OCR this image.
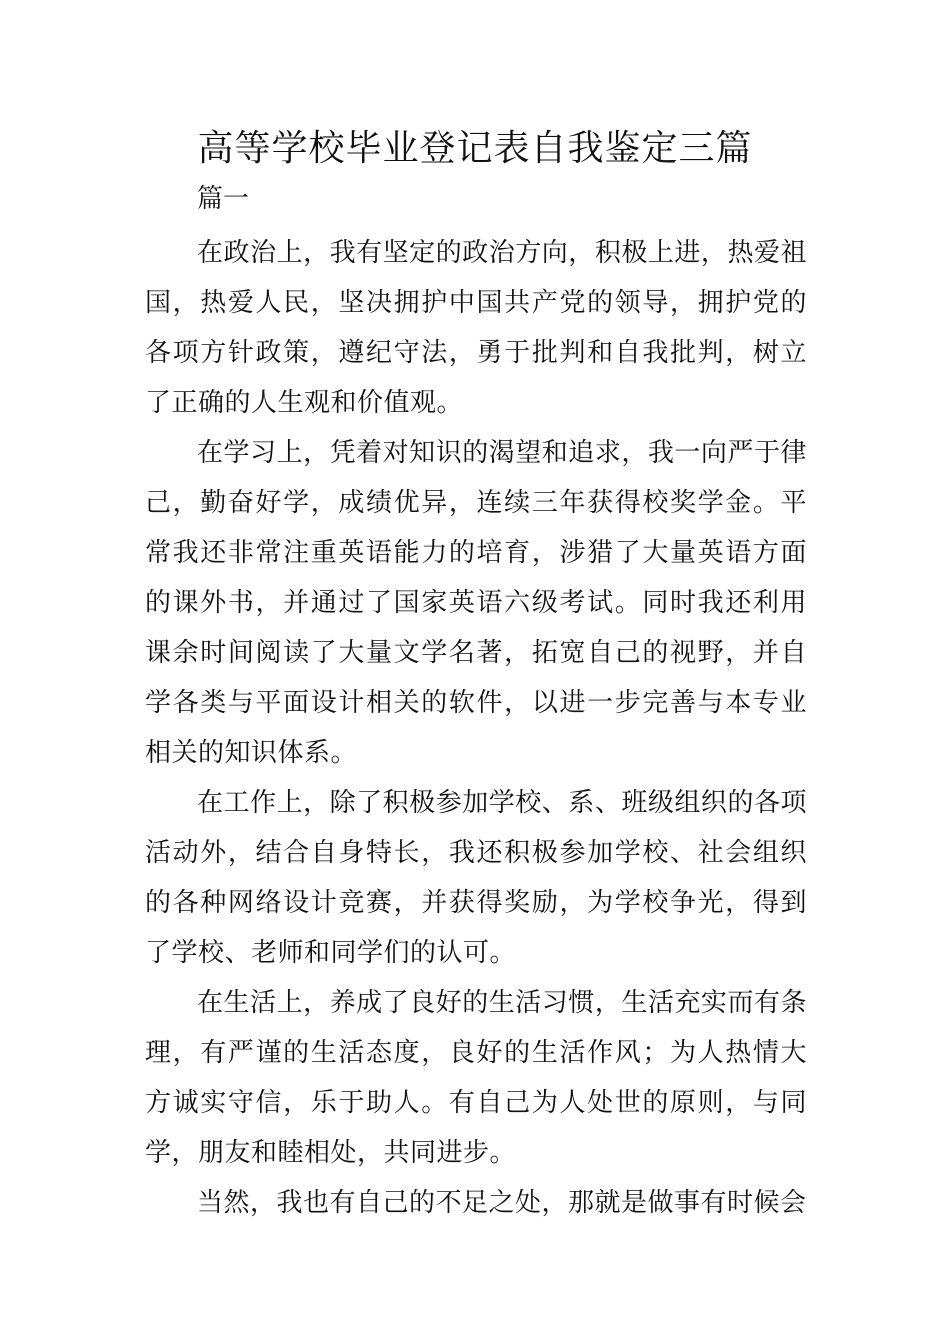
高等学校毕业登记表自我鉴定三篇

篇一

在政治上，我有坚定的政治方向，积极上进，热爱祖国，热爱人民，坚决拥护中国共产党的领导，拥护党的各项方针政策，遵纪守法，勇于批判和自我批判，树立了正确的人生观和价值观。

在学习上，凭着对知识的渴望和追求，我一向严于律己，勤奋好学，成绩优异，连续三年获得校奖学金。平常我还非常注重英语能力的培育，涉猎了大量英语方面的课外书，并通过了国家英语六级考试。同时我还利用课余时间阅读了大量文学名著，拓宽自己的视野，并自学各类与平面设计相关的软件，以进一步完善与本专业相关的知识体系。

在工作上，除了积极参加学校、系、班级组织的各项活动外，结合自身特长，我还积极参加学校、社会组织的各种网络设计竞赛，并获得奖励，为学校争光，得到了学校、老师和同学们的认可。

在生活上，养成了良好的生活习惯，生活充实而有条理，有严谨的生活态度，良好的生活作风；为人热情大方诚实守信，乐于助人。有自己为人处世的原则，与同学，朋友和睦相处，共同进步。

当然，我也有自己的不足之处，那就是做事有时候会
